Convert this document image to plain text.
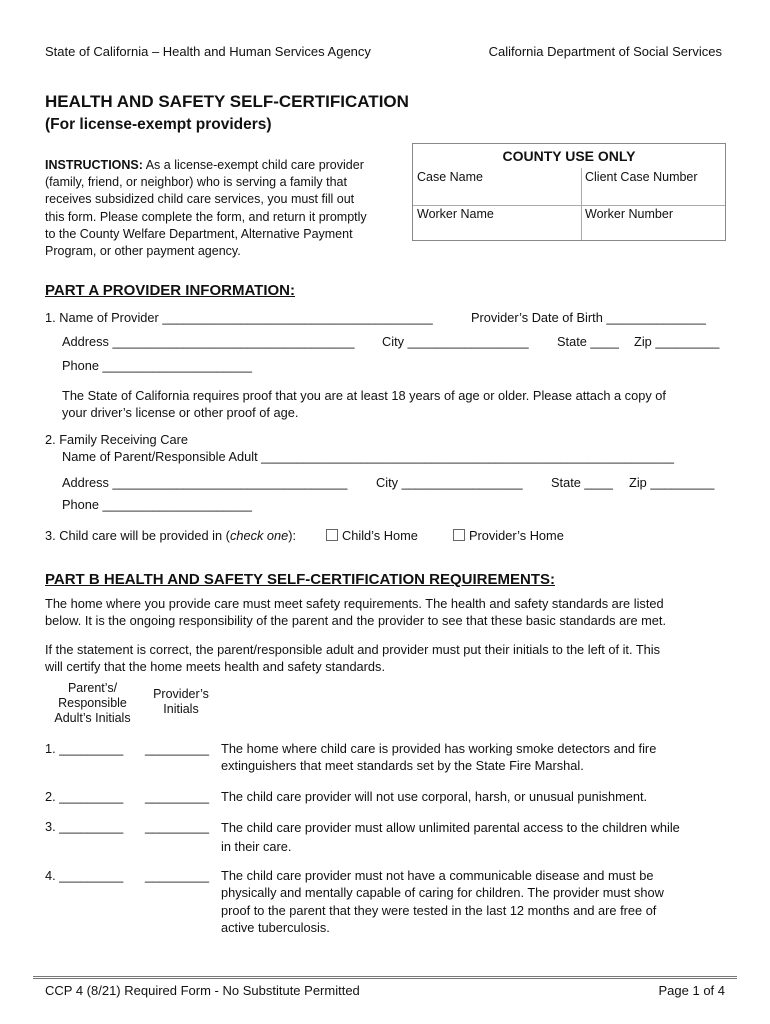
State of California – Health and Human Services Agency	California Department of Social Services
HEALTH AND SAFETY SELF-CERTIFICATION
(For license-exempt providers)
INSTRUCTIONS: As a license-exempt child care provider
(family, friend, or neighbor) who is serving a family that
receives subsidized child care services, you must fill out
this form. Please complete the form, and return it promptly
to the County Welfare Department, Alternative Payment
Program, or other payment agency.
COUNTY USE ONLY
Case Name	Client Case Number
Worker Name	Worker Number
PART A PROVIDER INFORMATION:
1. Name of Provider ______________________________________	Provider’s Date of Birth ______________
Address __________________________________ City _________________ State ____ Zip _________
Phone _____________________
The State of California requires proof that you are at least 18 years of age or older. Please attach a copy of
your driver’s license or other proof of age.
2. Family Receiving Care
Name of Parent/Responsible Adult __________________________________________________________
Address _________________________________ City _________________ State ____ Zip _________
Phone _____________________
3. Child care will be provided in (check one):	Child’s Home	Provider’s Home
PART B HEALTH AND SAFETY SELF-CERTIFICATION REQUIREMENTS:
The home where you provide care must meet safety requirements. The health and safety standards are listed
below. It is the ongoing responsibility of the parent and the provider to see that these basic standards are met.
If the statement is correct, the parent/responsible adult and provider must put their initials to the left of it. This
will certify that the home meets health and safety standards.
Parent’s/
Responsible
Adult’s Initials
Provider’s
Initials
1. _________ _________ The home where child care is provided has working smoke detectors and fire
extinguishers that meet standards set by the State Fire Marshal.
2. _________ _________ The child care provider will not use corporal, harsh, or unusual punishment.
3. _________ _________ The child care provider must allow unlimited parental access to the children while
in their care.
4. _________ _________ The child care provider must not have a communicable disease and must be
physically and mentally capable of caring for children. The provider must show
proof to the parent that they were tested in the last 12 months and are free of
active tuberculosis.
CCP 4 (8/21) Required Form - No Substitute Permitted	Page 1 of 4
